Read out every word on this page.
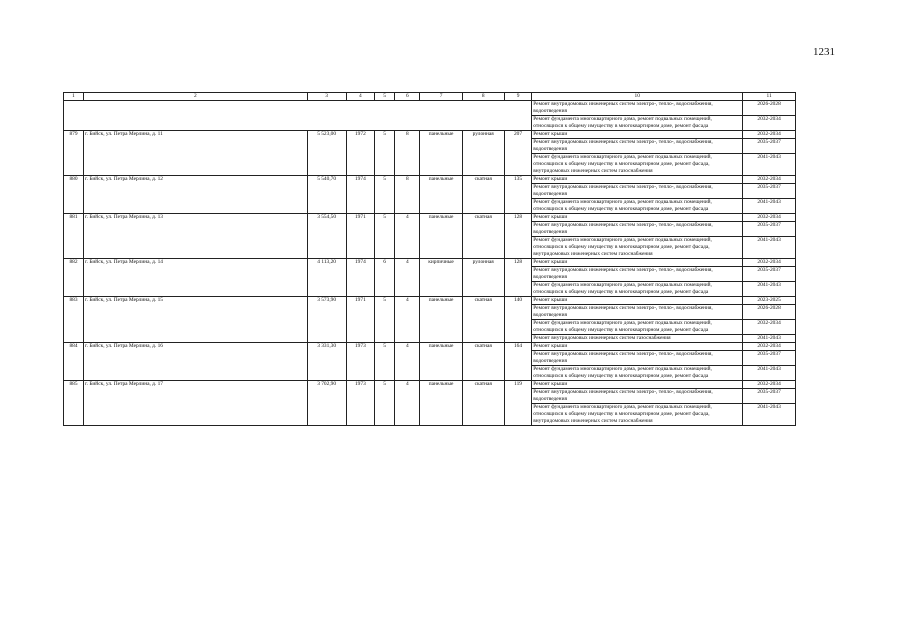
1231
1	2	3	4	5	6	7	8	9	10	11
									Ремонт внутридомовых инженерных систем электро-, тепло-, водоснабжения, водоотведения	2026-2028
									Ремонт фундамента многоквартирного дома, ремонт подвальных помещений, относящихся к общему имуществу в многоквартирном доме, ремонт фасада	2032-2034
879	г. Бийск, ул. Петра Мерлина, д. 11	5 523,00	1972	5	8	панельные	рулонная	207	Ремонт крыши	2032-2034
									Ремонт внутридомовых инженерных систем электро-, тепло-, водоснабжения, водоотведения	2035-2037
									Ремонт фундамента многоквартирного дома, ремонт подвальных помещений, относящихся к общему имуществу в многоквартирном доме, ремонт фасада, внутридомовых инженерных систем газоснабжения	2041-2043
880	г. Бийск, ул. Петра Мерлина, д. 12	5 540,70	1974	5	8	панельные	скатная	135	Ремонт крыши	2032-2034
									Ремонт внутридомовых инженерных систем электро-, тепло-, водоснабжения, водоотведения	2035-2037
									Ремонт фундамента многоквартирного дома, ремонт подвальных помещений, относящихся к общему имуществу в многоквартирном доме, ремонт фасада	2041-2043
881	г. Бийск, ул. Петра Мерлина, д. 13	3 554,50	1971	5	4	панельные	скатная	128	Ремонт крыши	2032-2034
									Ремонт внутридомовых инженерных систем электро-, тепло-, водоснабжения, водоотведения	2035-2037
									Ремонт фундамента многоквартирного дома, ремонт подвальных помещений, относящихся к общему имуществу в многоквартирном доме, ремонт фасада, внутридомовых инженерных систем газоснабжения	2041-2043
882	г. Бийск, ул. Петра Мерлина, д. 14	4 113,20	1974	6	4	кирпичные	рулонная	128	Ремонт крыши	2032-2034
									Ремонт внутридомовых инженерных систем электро-, тепло-, водоснабжения, водоотведения	2035-2037
									Ремонт фундамента многоквартирного дома, ремонт подвальных помещений, относящихся к общему имуществу в многоквартирном доме, ремонт фасада	2041-2043
883	г. Бийск, ул. Петра Мерлина, д. 15	3 573,90	1971	5	4	панельные	скатная	140	Ремонт крыши	2023-2025
									Ремонт внутридомовых инженерных систем электро-, тепло-, водоснабжения, водоотведения	2026-2028
									Ремонт фундамента многоквартирного дома, ремонт подвальных помещений, относящихся к общему имуществу в многоквартирном доме, ремонт фасада	2032-2034
									Ремонт внутридомовых инженерных систем газоснабжения	2041-2043
884	г. Бийск, ул. Петра Мерлина, д. 16	3 331,30	1973	5	4	панельные	скатная	164	Ремонт крыши	2032-2034
									Ремонт внутридомовых инженерных систем электро-, тепло-, водоснабжения, водоотведения	2035-2037
									Ремонт фундамента многоквартирного дома, ремонт подвальных помещений, относящихся к общему имуществу в многоквартирном доме, ремонт фасада	2041-2043
885	г. Бийск, ул. Петра Мерлина, д. 17	3 702,90	1973	5	4	панельные	скатная	119	Ремонт крыши	2032-2034
									Ремонт внутридомовых инженерных систем электро-, тепло-, водоснабжения, водоотведения	2035-2037
									Ремонт фундамента многоквартирного дома, ремонт подвальных помещений, относящихся к общему имуществу в многоквартирном доме, ремонт фасада, внутридомовых инженерных систем газоснабжения	2041-2043
